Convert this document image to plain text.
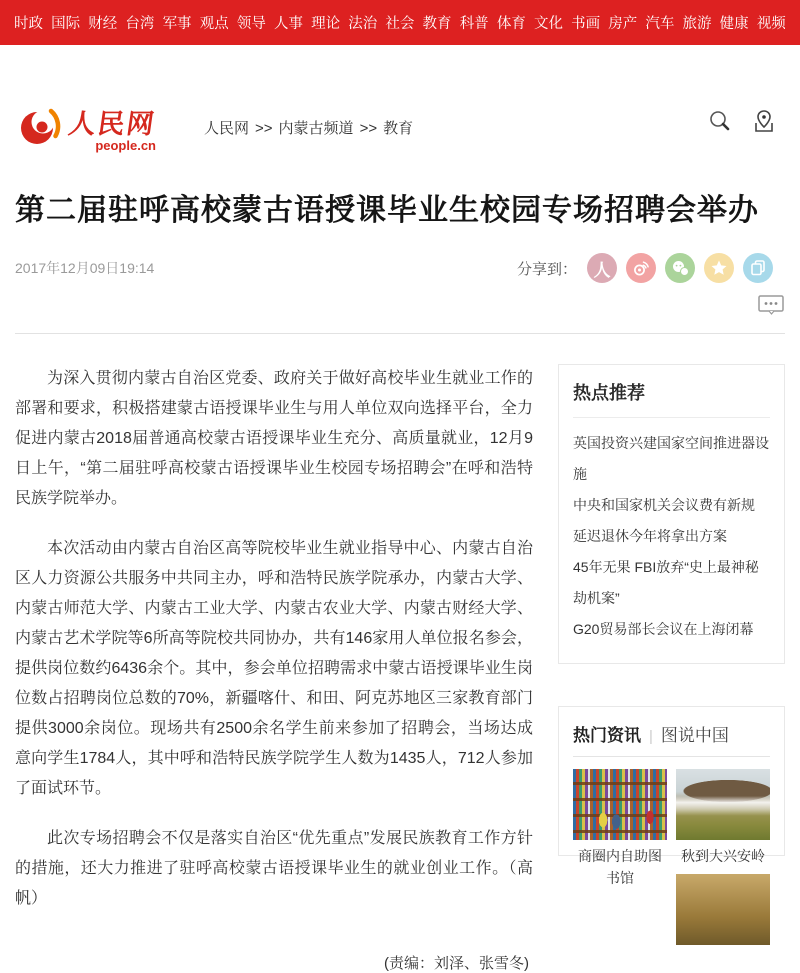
时政 国际 财经 台湾 军事 观点 领导 人事 理论 法治 社会 教育 科普 体育 文化 书画 房产 汽车 旅游 健康 视频
人民网
people.cn
人民网 >> 内蒙古频道 >> 教育
第二届驻呼高校蒙古语授课毕业生校园专场招聘会举办
2017年12月09日19:14	分享到： 人

为深入贯彻内蒙古自治区党委、政府关于做好高校毕业生就业工作的部署和要求，积极搭建蒙古语授课毕业生与用人单位双向选择平台，全力促进内蒙古2018届普通高校蒙古语授课毕业生充分、高质量就业，12月9日上午，“第二届驻呼高校蒙古语授课毕业生校园专场招聘会”在呼和浩特民族学院举办。

本次活动由内蒙古自治区高等院校毕业生就业指导中心、内蒙古自治区人力资源公共服务中共同主办，呼和浩特民族学院承办，内蒙古大学、内蒙古师范大学、内蒙古工业大学、内蒙古农业大学、内蒙古财经大学、内蒙古艺术学院等6所高等院校共同协办，共有146家用人单位报名参会，提供岗位数约6436余个。其中，参会单位招聘需求中蒙古语授课毕业生岗位数占招聘岗位总数的70%，新疆喀什、和田、阿克苏地区三家教育部门提供3000余岗位。现场共有2500余名学生前来参加了招聘会，当场达成意向学生1784人，其中呼和浩特民族学院学生人数为1435人，712人参加了面试环节。

此次专场招聘会不仅是落实自治区“优先重点”发展民族教育工作方针的措施，还大力推进了驻呼高校蒙古语授课毕业生的就业创业工作。（高帆）

(责编：刘泽、张雪冬)
热点推荐
英国投资兴建国家空间推进器设施
中央和国家机关会议费有新规
延迟退休今年将拿出方案
45年无果 FBI放弃“史上最神秘劫机案”
G20贸易部长会议在上海闭幕
热门资讯 | 图说中国
商圈内自助图书馆
秋到大兴安岭
